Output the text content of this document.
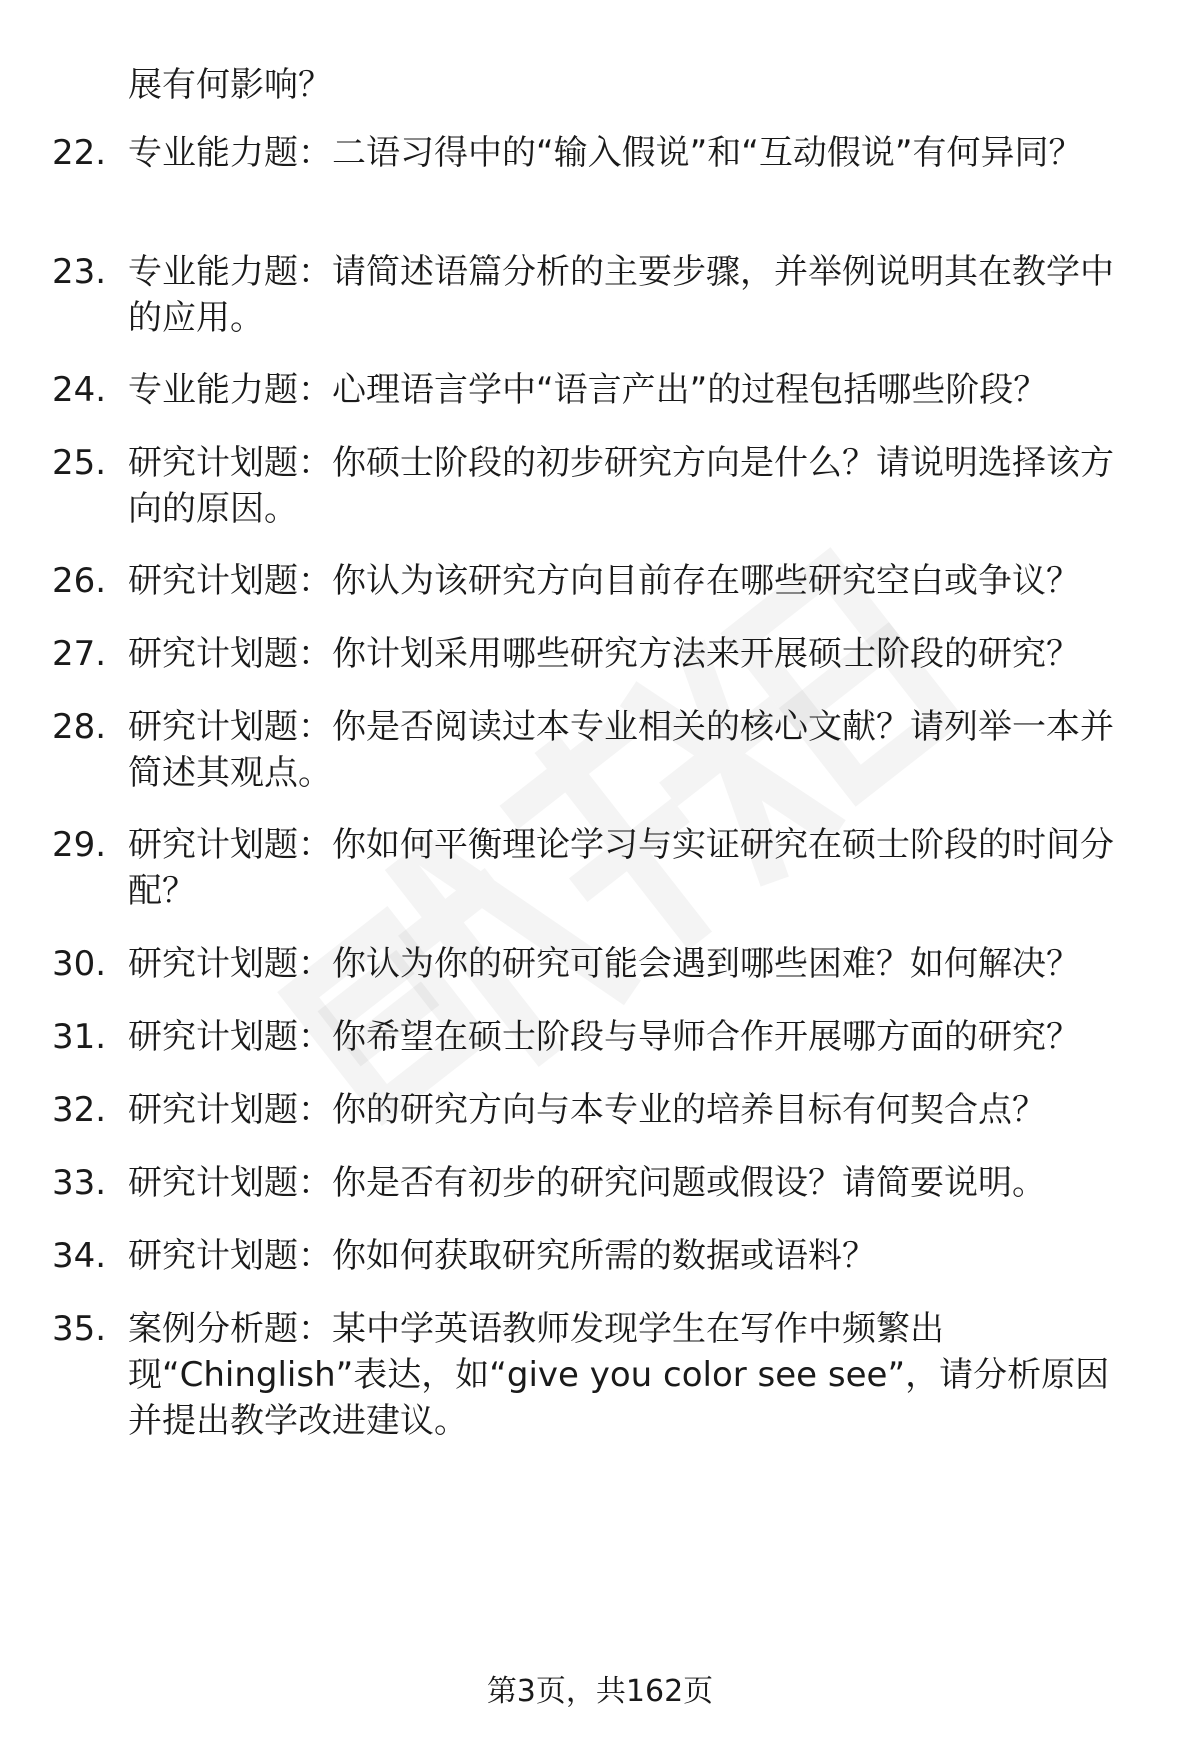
展有何影响？
22. 专业能力题：二语习得中的“输入假说”和“互动假说”有何异同？
23. 专业能力题：请简述语篇分析的主要步骤，并举例说明其在教学中的应用。
24. 专业能力题：心理语言学中“语言产出”的过程包括哪些阶段？
25. 研究计划题：你硕士阶段的初步研究方向是什么？请说明选择该方向的原因。
26. 研究计划题：你认为该研究方向目前存在哪些研究空白或争议？
27. 研究计划题：你计划采用哪些研究方法来开展硕士阶段的研究？
28. 研究计划题：你是否阅读过本专业相关的核心文献？请列举一本并简述其观点。
29. 研究计划题：你如何平衡理论学习与实证研究在硕士阶段的时间分配？
30. 研究计划题：你认为你的研究可能会遇到哪些困难？如何解决？
31. 研究计划题：你希望在硕士阶段与导师合作开展哪方面的研究？
32. 研究计划题：你的研究方向与本专业的培养目标有何契合点？
33. 研究计划题：你是否有初步的研究问题或假设？请简要说明。
34. 研究计划题：你如何获取研究所需的数据或语料？
35. 案例分析题：某中学英语教师发现学生在写作中频繁出现“Chinglish”表达，如“give you color see see”，请分析原因并提出教学改进建议。
第3页，共162页
